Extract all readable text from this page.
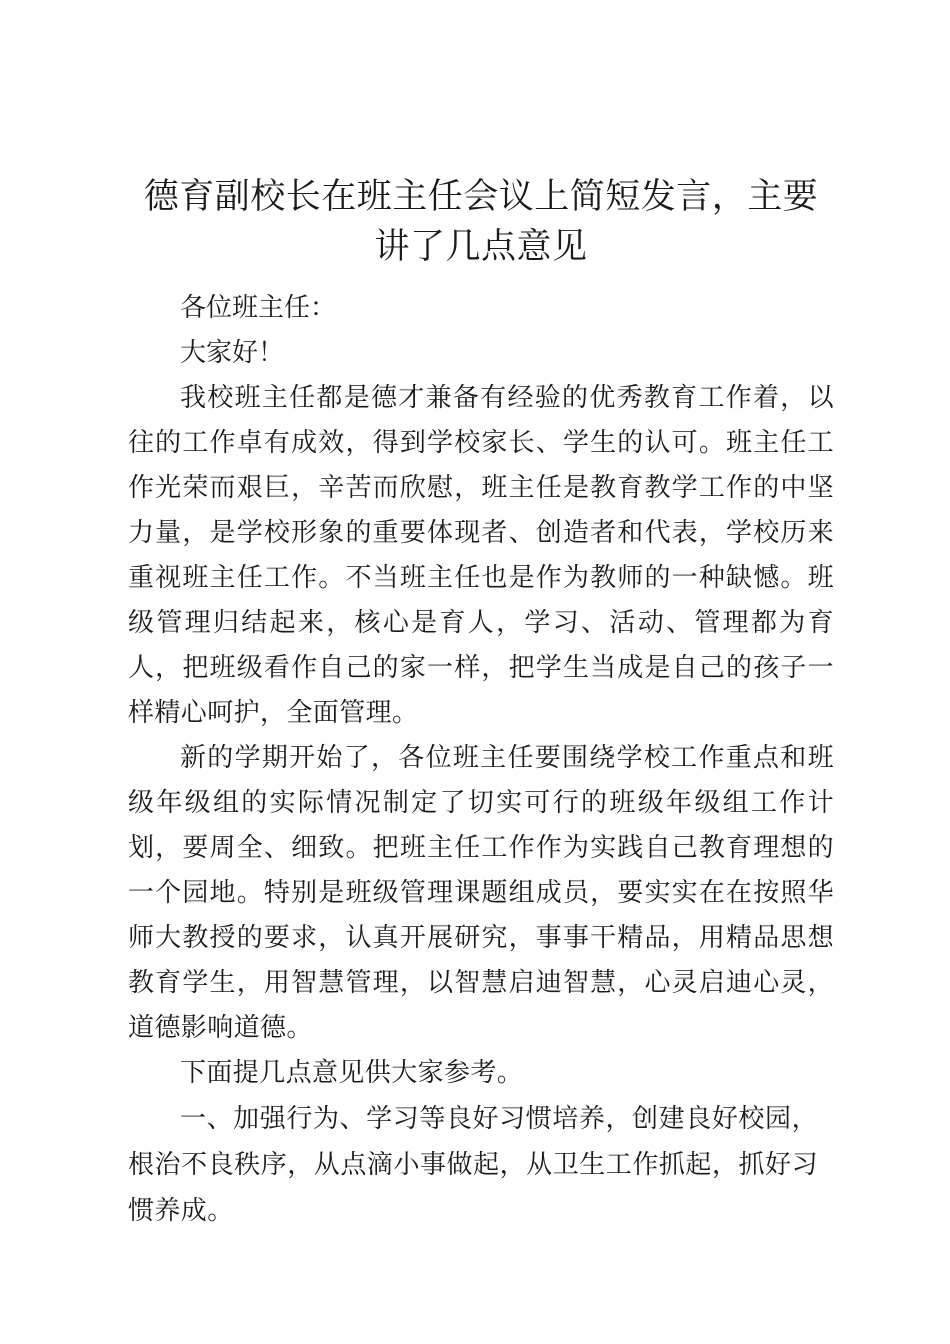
德育副校长在班主任会议上简短发言，主要讲了几点意见

各位班主任：

大家好！

我校班主任都是德才兼备有经验的优秀教育工作着，以往的工作卓有成效，得到学校家长、学生的认可。班主任工作光荣而艰巨，辛苦而欣慰，班主任是教育教学工作的中坚力量，是学校形象的重要体现者、创造者和代表，学校历来重视班主任工作。不当班主任也是作为教师的一种缺憾。班级管理归结起来，核心是育人，学习、活动、管理都为育人，把班级看作自己的家一样，把学生当成是自己的孩子一样精心呵护，全面管理。

新的学期开始了，各位班主任要围绕学校工作重点和班级年级组的实际情况制定了切实可行的班级年级组工作计划，要周全、细致。把班主任工作作为实践自己教育理想的一个园地。特别是班级管理课题组成员，要实实在在按照华师大教授的要求，认真开展研究，事事干精品，用精品思想教育学生，用智慧管理，以智慧启迪智慧，心灵启迪心灵，道德影响道德。

下面提几点意见供大家参考。

一、加强行为、学习等良好习惯培养，创建良好校园，根治不良秩序，从点滴小事做起，从卫生工作抓起，抓好习惯养成。
